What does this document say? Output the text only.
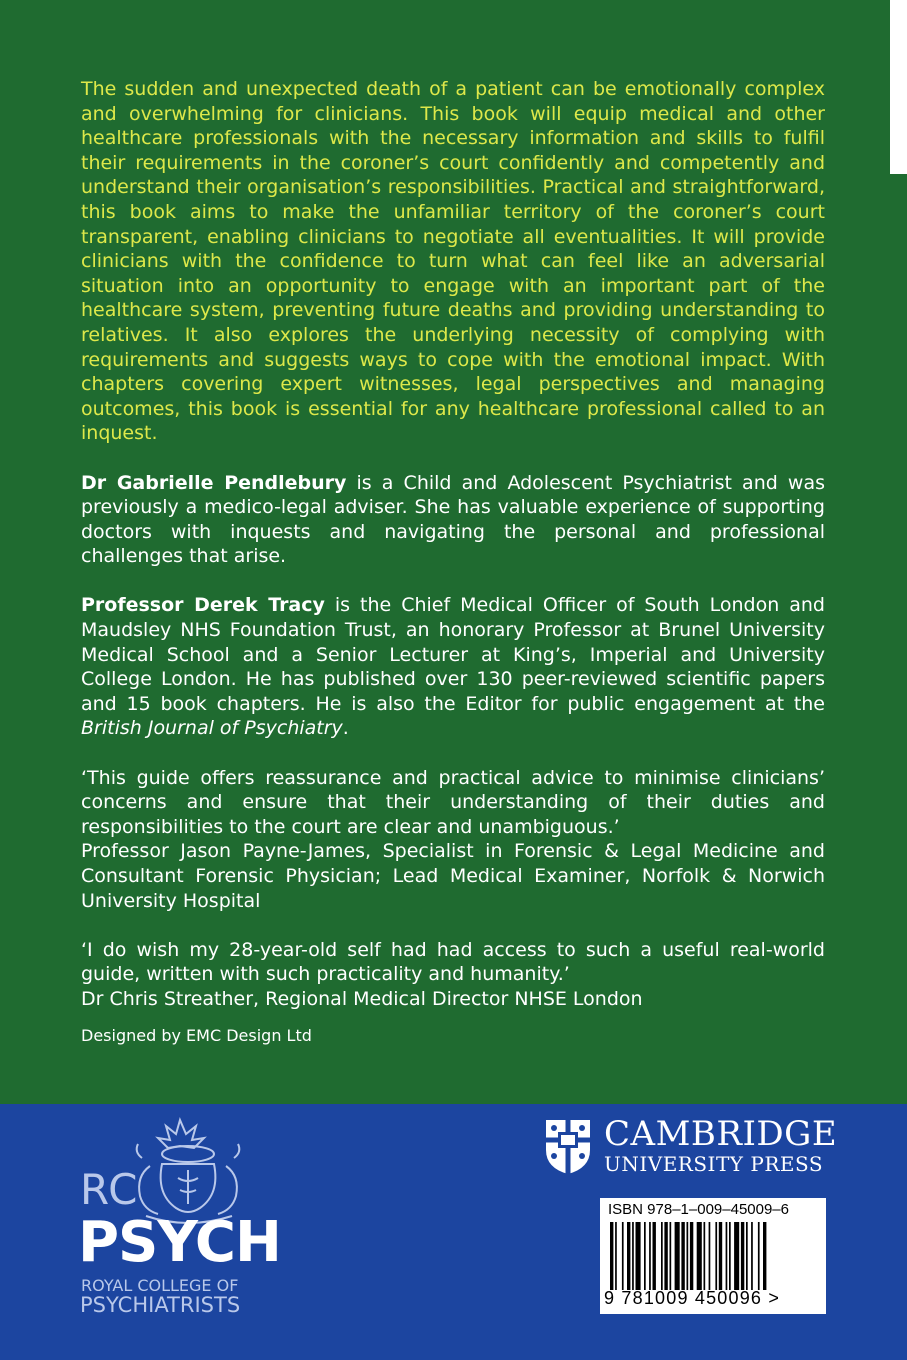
The sudden and unexpected death of a patient can be emotionally complex and overwhelming for clinicians. This book will equip medical and other healthcare professionals with the necessary information and skills to fulfil their requirements in the coroner’s court confidently and competently and understand their organisation’s responsibilities. Practical and straightforward, this book aims to make the unfamiliar territory of the coroner’s court transparent, enabling clinicians to negotiate all eventualities. It will provide clinicians with the confidence to turn what can feel like an adversarial situation into an opportunity to engage with an important part of the healthcare system, preventing future deaths and providing understanding to relatives. It also explores the underlying necessity of complying with requirements and suggests ways to cope with the emotional impact. With chapters covering expert witnesses, legal perspectives and managing outcomes, this book is essential for any healthcare professional called to an inquest.

Dr Gabrielle Pendlebury is a Child and Adolescent Psychiatrist and was previously a medico-legal adviser. She has valuable experience of supporting doctors with inquests and navigating the personal and professional challenges that arise.

Professor Derek Tracy is the Chief Medical Officer of South London and Maudsley NHS Foundation Trust, an honorary Professor at Brunel University Medical School and a Senior Lecturer at King’s, Imperial and University College London. He has published over 130 peer-reviewed scientific papers and 15 book chapters. He is also the Editor for public engagement at the British Journal of Psychiatry.

‘This guide offers reassurance and practical advice to minimise clinicians’ concerns and ensure that their understanding of their duties and responsibilities to the court are clear and unambiguous.’
Professor Jason Payne-James, Specialist in Forensic & Legal Medicine and Consultant Forensic Physician; Lead Medical Examiner, Norfolk & Norwich University Hospital

‘I do wish my 28-year-old self had had access to such a useful real-world guide, written with such practicality and humanity.’
Dr Chris Streather, Regional Medical Director NHSE London

Designed by EMC Design Ltd

RC
PSYCH
ROYAL COLLEGE OF
PSYCHIATRISTS
CAMBRIDGE
UNIVERSITY PRESS
ISBN 978–1–009–45009–6
9 781009 450096 >
